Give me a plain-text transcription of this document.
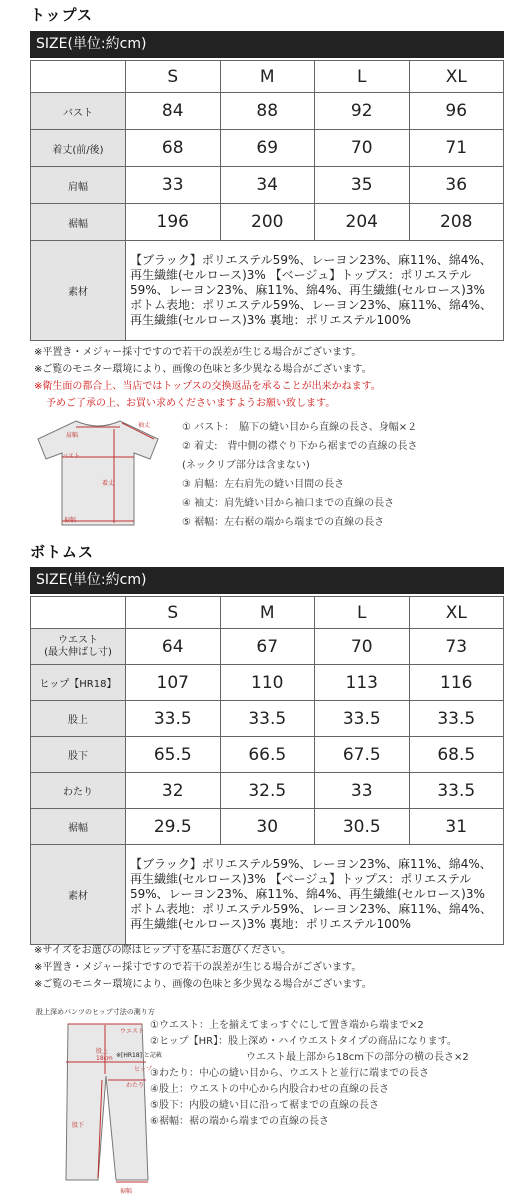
トップス
SIZE(単位:約cm)
	S	M	L	XL
バスト	84	88	92	96
着丈(前/後)	68	69	70	71
肩幅	33	34	35	36
裾幅	196	200	204	208
素材	【ブラック】ポリエステル59%、レーヨン23%、麻11%、綿4%、再生繊維(セルロース)3% 【ベージュ】トップス：ポリエステル59%、レーヨン23%、麻11%、綿4%、再生繊維(セルロース)3% ボトム表地：ポリエステル59%、レーヨン23%、麻11%、綿4%、再生繊維(セルロース)3% 裏地：ポリエステル100%			
※平置き・メジャー採寸ですので若干の誤差が生じる場合がございます。
※ご覧のモニター環境により、画像の色味と多少異なる場合がございます。
※衛生面の都合上、当店ではトップスの交換返品を承ることが出来かねます。
予めご了承の上、お買い求めくださいますようお願い致します。
肩幅
袖丈
バスト
着丈
裾幅
① バスト：　脇下の縫い目から直線の長さ、身幅×２
② 着丈:　背中側の襟ぐり下から裾までの直線の長さ
(ネックリブ部分は含まない)
③ 肩幅：左右肩先の縫い目間の長さ
④ 袖丈：肩先縫い目から袖口までの直線の長さ
⑤ 裾幅：左右裾の端から端までの直線の長さ
ボトムス
SIZE(単位:約cm)
	S	M	L	XL
ウエスト
(最大伸ばし寸)	64	67	70	73
ヒップ【HR18】	107	110	113	116
股上	33.5	33.5	33.5	33.5
股下	65.5	66.5	67.5	68.5
わたり	32	32.5	33	33.5
裾幅	29.5	30	30.5	31
素材	【ブラック】ポリエステル59%、レーヨン23%、麻11%、綿4%、再生繊維(セルロース)3% 【ベージュ】トップス：ポリエステル59%、レーヨン23%、麻11%、綿4%、再生繊維(セルロース)3% ボトム表地：ポリエステル59%、レーヨン23%、麻11%、綿4%、再生繊維(セルロース)3% 裏地：ポリエステル100%			
※サイズをお選びの際はヒップ寸を基にお選びください。
※平置き・メジャー採寸ですので若干の誤差が生じる場合がございます。
※ご覧のモニター環境により、画像の色味と多少異なる場合がございます。
股上深めパンツのヒップ寸法の測り方
ウエスト
股上
18cm ※[HR18] と記載
ヒップ
わたり
股下
裾幅
①ウエスト：上を揃えてまっすぐにして置き端から端まで×2
②ヒップ【HR】：股上深め・ハイウエストタイプの商品になります。
ウエスト最上部から18cm下の部分の横の長さ×2
③わたり：中心の縫い目から、ウエストと並行に端までの長さ
④股上：ウエストの中心から内股合わせの直線の長さ
⑤股下：内股の縫い目に沿って裾までの直線の長さ
⑥裾幅：裾の端から端までの直線の長さ
